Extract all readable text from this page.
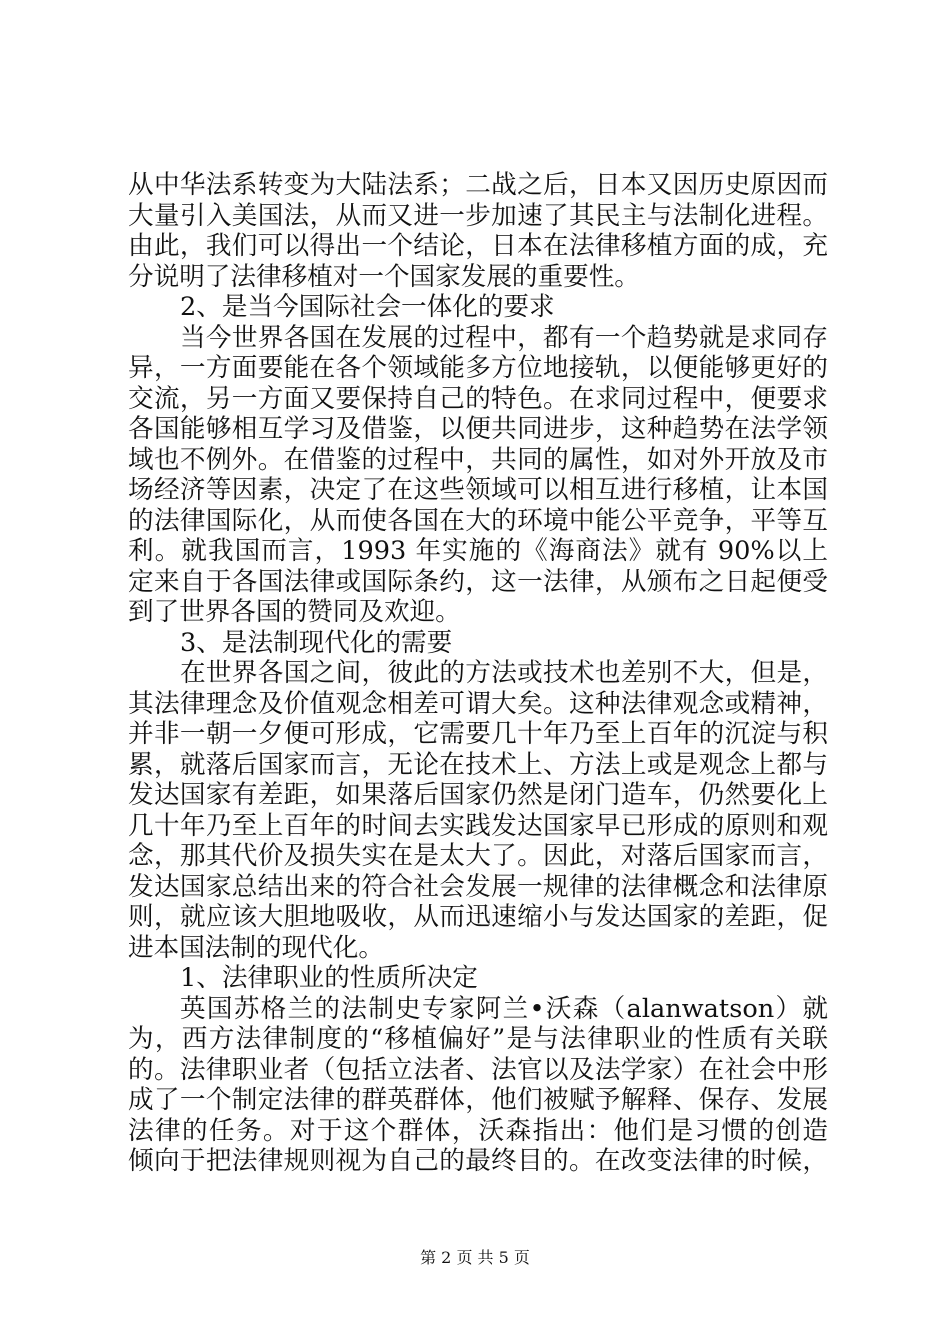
从中华法系转变为大陆法系；二战之后，日本又因历史原因而
大量引入美国法，从而又进一步加速了其民主与法制化进程。
由此，我们可以得出一个结论，日本在法律移植方面的成，充
分说明了法律移植对一个国家发展的重要性。
2、是当今国际社会一体化的要求
当今世界各国在发展的过程中，都有一个趋势就是求同存
异，一方面要能在各个领域能多方位地接轨，以便能够更好的
交流，另一方面又要保持自己的特色。在求同过程中，便要求
各国能够相互学习及借鉴，以便共同进步，这种趋势在法学领
域也不例外。在借鉴的过程中，共同的属性，如对外开放及市
场经济等因素，决定了在这些领域可以相互进行移植，让本国
的法律国际化，从而使各国在大的环境中能公平竞争，平等互
利。就我国而言，1993 年实施的《海商法》就有 90%以上
定来自于各国法律或国际条约，这一法律，从颁布之日起便受
到了世界各国的赞同及欢迎。
3、是法制现代化的需要
在世界各国之间，彼此的方法或技术也差别不大，但是，
其法律理念及价值观念相差可谓大矣。这种法律观念或精神，
并非一朝一夕便可形成，它需要几十年乃至上百年的沉淀与积
累，就落后国家而言，无论在技术上、方法上或是观念上都与
发达国家有差距，如果落后国家仍然是闭门造车，仍然要化上
几十年乃至上百年的时间去实践发达国家早已形成的原则和观
念，那其代价及损失实在是太大了。因此，对落后国家而言，
发达国家总结出来的符合社会发展一规律的法律概念和法律原
则，就应该大胆地吸收，从而迅速缩小与发达国家的差距，促
进本国法制的现代化。
1、法律职业的性质所决定
英国苏格兰的法制史专家阿兰•沃森（alanwatson）就
为，西方法律制度的“移植偏好”是与法律职业的性质有关联
的。法律职业者（包括立法者、法官以及法学家）在社会中形
成了一个制定法律的群英群体，他们被赋予解释、保存、发展
法律的任务。对于这个群体，沃森指出：他们是习惯的创造
倾向于把法律规则视为自己的最终目的。在改变法律的时候，
第 2 页 共 5 页
